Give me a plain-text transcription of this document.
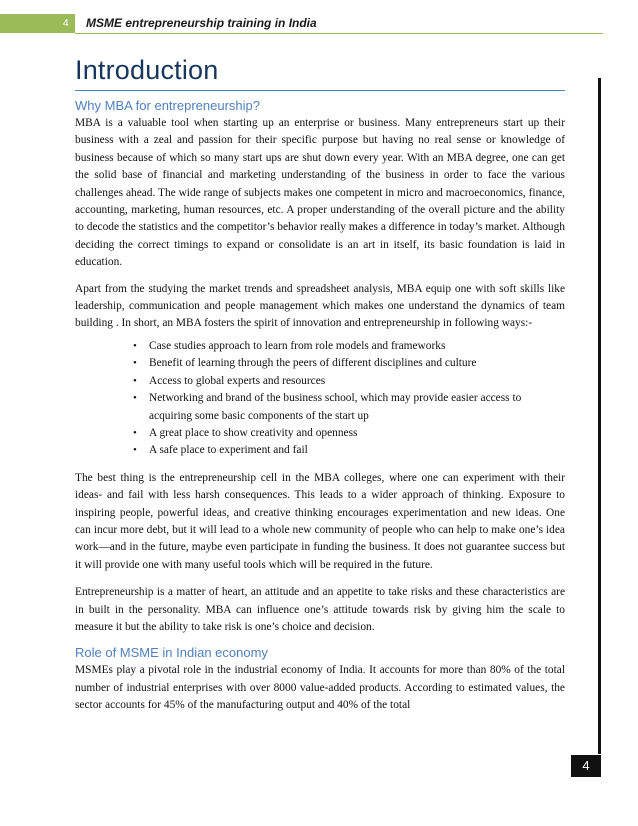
4 MSME entrepreneurship training in India
Introduction
Why MBA for entrepreneurship?

MBA is a valuable tool when starting up an enterprise or business. Many entrepreneurs start up their business with a zeal and passion for their specific purpose but having no real sense or knowledge of business because of which so many start ups are shut down every year. With an MBA degree, one can get the solid base of financial and marketing understanding of the business in order to face the various challenges ahead. The wide range of subjects makes one competent in micro and macroeconomics, finance, accounting, marketing, human resources, etc. A proper understanding of the overall picture and the ability to decode the statistics and the competitor’s behavior really makes a difference in today’s market. Although deciding the correct timings to expand or consolidate is an art in itself, its basic foundation is laid in education.

Apart from the studying the market trends and spreadsheet analysis, MBA equip one with soft skills like leadership, communication and people management which makes one understand the dynamics of team building . In short, an MBA fosters the spirit of innovation and entrepreneurship in following ways:-

• Case studies approach to learn from role models and frameworks
• Benefit of learning through the peers of different disciplines and culture
• Access to global experts and resources
• Networking and brand of the business school, which may provide easier access to acquiring some basic components of the start up
• A great place to show creativity and openness
• A safe place to experiment and fail

The best thing is the entrepreneurship cell in the MBA colleges, where one can experiment with their ideas- and fail with less harsh consequences. This leads to a wider approach of thinking. Exposure to inspiring people, powerful ideas, and creative thinking encourages experimentation and new ideas. One can incur more debt, but it will lead to a whole new community of people who can help to make one’s idea work—and in the future, maybe even participate in funding the business. It does not guarantee success but it will provide one with many useful tools which will be required in the future.

Entrepreneurship is a matter of heart, an attitude and an appetite to take risks and these characteristics are in built in the personality. MBA can influence one’s attitude towards risk by giving him the scale to measure it but the ability to take risk is one’s choice and decision.

Role of MSME in Indian economy

MSMEs play a pivotal role in the industrial economy of India. It accounts for more than 80% of the total number of industrial enterprises with over 8000 value-added products. According to estimated values, the sector accounts for 45% of the manufacturing output and 40% of the total

4
